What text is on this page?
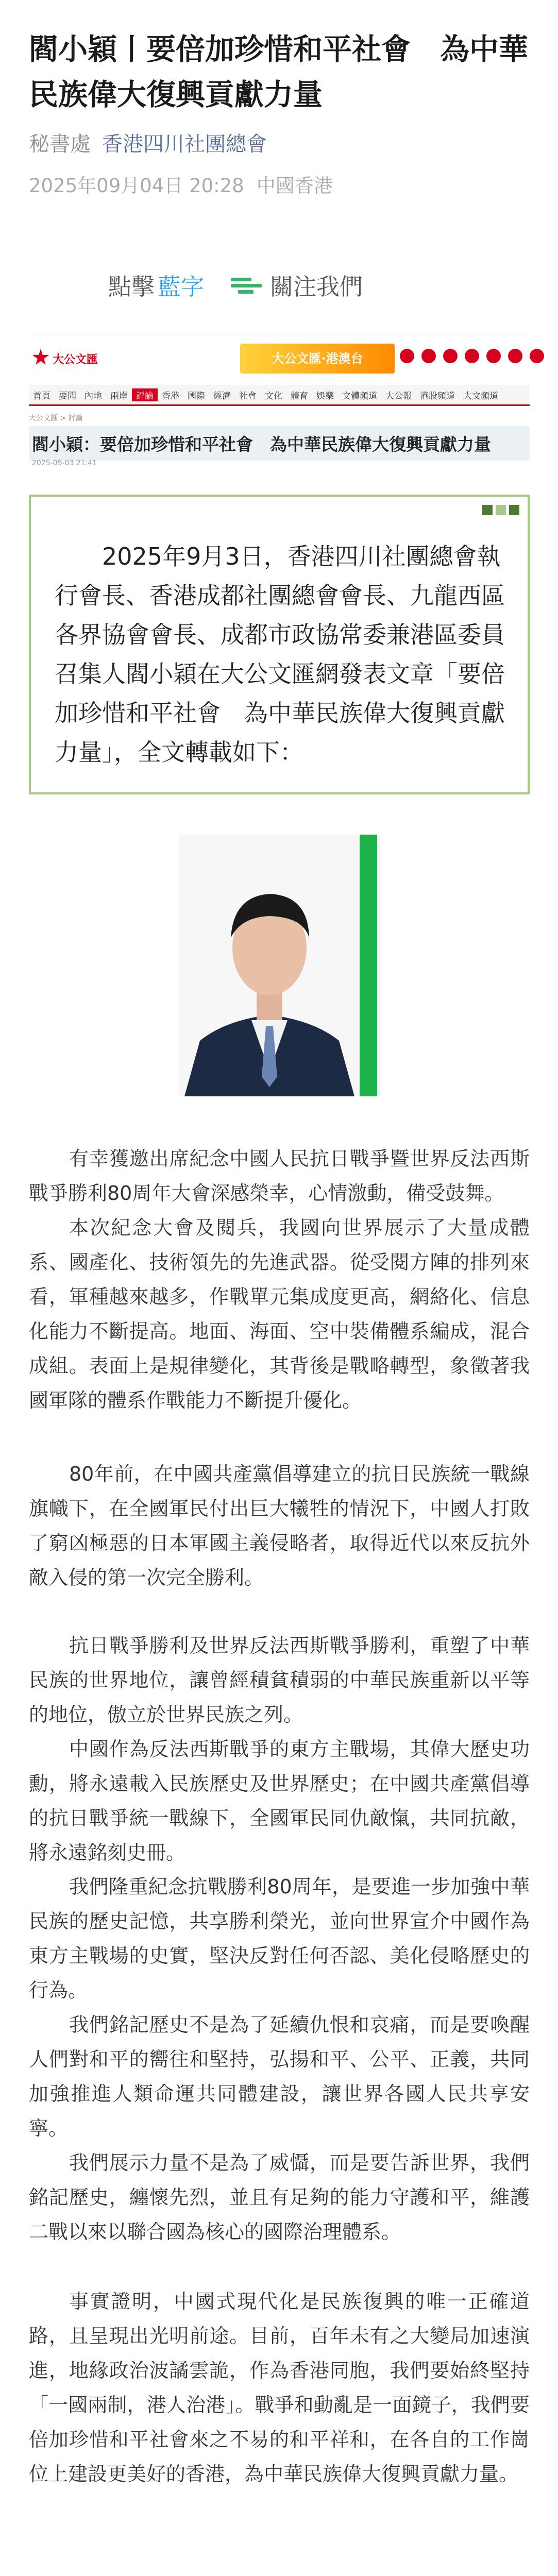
閻小穎丨要倍加珍惜和平社會　為中華民族偉大復興貢獻力量
秘書處 香港四川社團總會
2025年09月04日 20:28 中國香港
點擊 藍字	關注我們
大公文匯	大公文匯·港澳台
首頁 要聞 內地 兩岸 評論 香港 國際 經濟 社會 文化 體育 娛樂 文體頻道 大公報 港股頻道 大文頻道
大公文匯 > 評論
閻小穎：要倍加珍惜和平社會　為中華民族偉大復興貢獻力量
2025-09-03 21:41

2025年9月3日，香港四川社團總會執行會長、香港成都社團總會會長、九龍西區各界協會會長、成都市政協常委兼港區委員召集人閻小穎在大公文匯網發表文章「要倍加珍惜和平社會　為中華民族偉大復興貢獻力量」，全文轉載如下：

有幸獲邀出席紀念中國人民抗日戰爭暨世界反法西斯戰爭勝利80周年大會深感榮幸，心情激動，備受鼓舞。

本次紀念大會及閱兵，我國向世界展示了大量成體系、國產化、技術領先的先進武器。從受閱方陣的排列來看，軍種越來越多，作戰單元集成度更高，網絡化、信息化能力不斷提高。地面、海面、空中裝備體系編成，混合成組。表面上是規律變化，其背後是戰略轉型，象徵著我國軍隊的體系作戰能力不斷提升優化。

80年前，在中國共產黨倡導建立的抗日民族統一戰線旗幟下，在全國軍民付出巨大犧牲的情況下，中國人打敗了窮凶極惡的日本軍國主義侵略者，取得近代以來反抗外敵入侵的第一次完全勝利。

抗日戰爭勝利及世界反法西斯戰爭勝利，重塑了中華民族的世界地位，讓曾經積貧積弱的中華民族重新以平等的地位，傲立於世界民族之列。

中國作為反法西斯戰爭的東方主戰場，其偉大歷史功勳，將永遠載入民族歷史及世界歷史；在中國共產黨倡導的抗日戰爭統一戰線下，全國軍民同仇敵愾，共同抗敵，將永遠銘刻史冊。

我們隆重紀念抗戰勝利80周年，是要進一步加強中華民族的歷史記憶，共享勝利榮光，並向世界宣介中國作為東方主戰場的史實，堅決反對任何否認、美化侵略歷史的行為。

我們銘記歷史不是為了延續仇恨和哀痛，而是要喚醒人們對和平的嚮往和堅持，弘揚和平、公平、正義，共同加強推進人類命運共同體建設，讓世界各國人民共享安寧。

我們展示力量不是為了威懾，而是要告訴世界，我們銘記歷史，纏懷先烈，並且有足夠的能力守護和平，維護二戰以來以聯合國為核心的國際治理體系。

事實證明，中國式現代化是民族復興的唯一正確道路，且呈現出光明前途。目前，百年未有之大變局加速演進，地緣政治波譎雲詭，作為香港同胞，我們要始終堅持「一國兩制，港人治港」。戰爭和動亂是一面鏡子，我們要倍加珍惜和平社會來之不易的和平祥和，在各自的工作崗位上建設更美好的香港，為中華民族偉大復興貢獻力量。
